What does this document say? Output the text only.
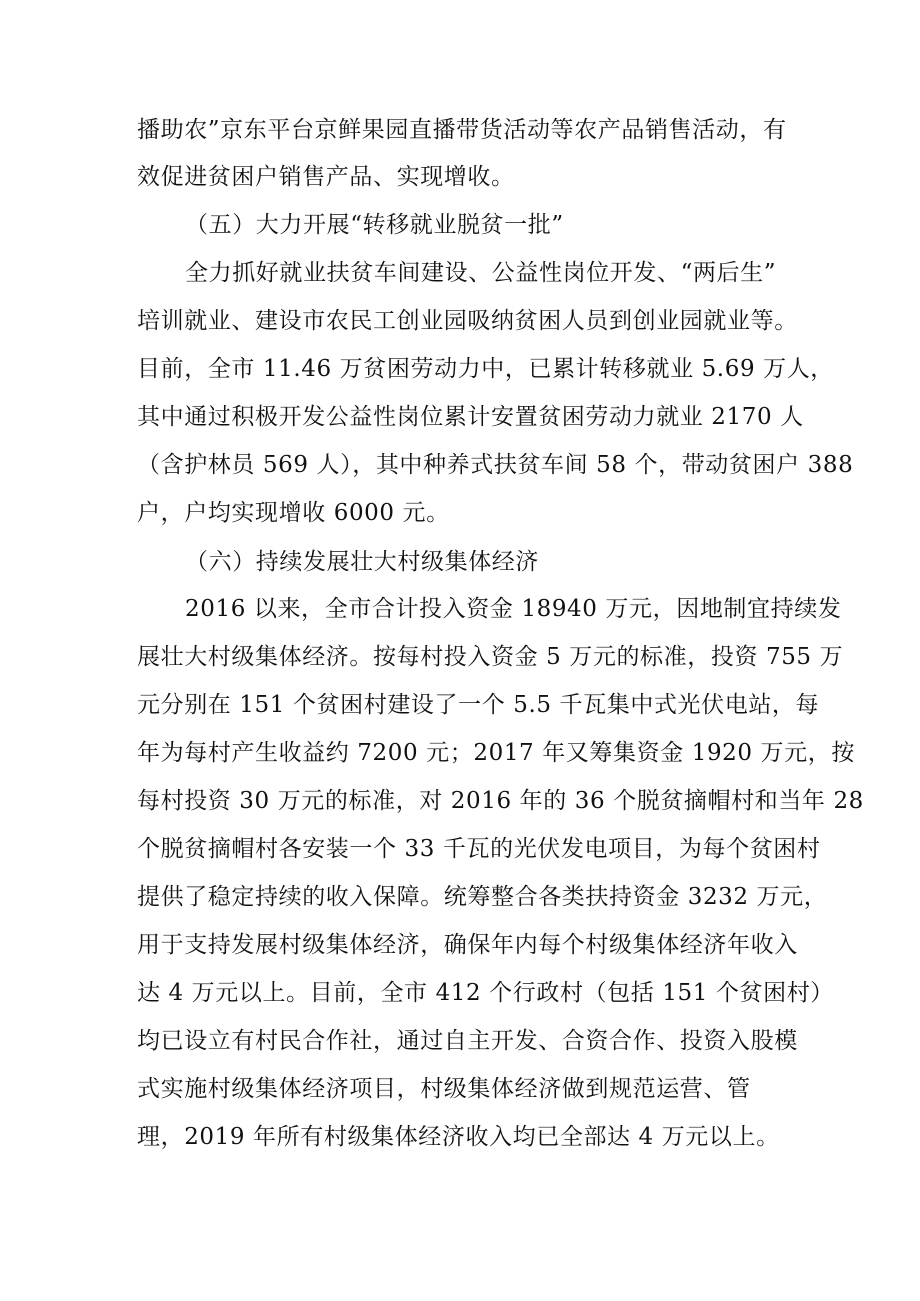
播助农”京东平台京鲜果园直播带货活动等农产品销售活动，有
效促进贫困户销售产品、实现增收。
（五）大力开展“转移就业脱贫一批”
全力抓好就业扶贫车间建设、公益性岗位开发、“两后生”
培训就业、建设市农民工创业园吸纳贫困人员到创业园就业等。
目前，全市 11.46 万贫困劳动力中，已累计转移就业 5.69 万人，
其中通过积极开发公益性岗位累计安置贫困劳动力就业 2170 人
（含护林员 569 人），其中种养式扶贫车间 58 个，带动贫困户 388
户，户均实现增收 6000 元。
（六）持续发展壮大村级集体经济
2016 以来，全市合计投入资金 18940 万元，因地制宜持续发
展壮大村级集体经济。按每村投入资金 5 万元的标准，投资 755 万
元分别在 151 个贫困村建设了一个 5.5 千瓦集中式光伏电站，每
年为每村产生收益约 7200 元；2017 年又筹集资金 1920 万元，按
每村投资 30 万元的标准，对 2016 年的 36 个脱贫摘帽村和当年 28
个脱贫摘帽村各安装一个 33 千瓦的光伏发电项目，为每个贫困村
提供了稳定持续的收入保障。统筹整合各类扶持资金 3232 万元，
用于支持发展村级集体经济，确保年内每个村级集体经济年收入
达 4 万元以上。目前，全市 412 个行政村（包括 151 个贫困村）
均已设立有村民合作社，通过自主开发、合资合作、投资入股模
式实施村级集体经济项目，村级集体经济做到规范运营、管
理，2019 年所有村级集体经济收入均已全部达 4 万元以上。
